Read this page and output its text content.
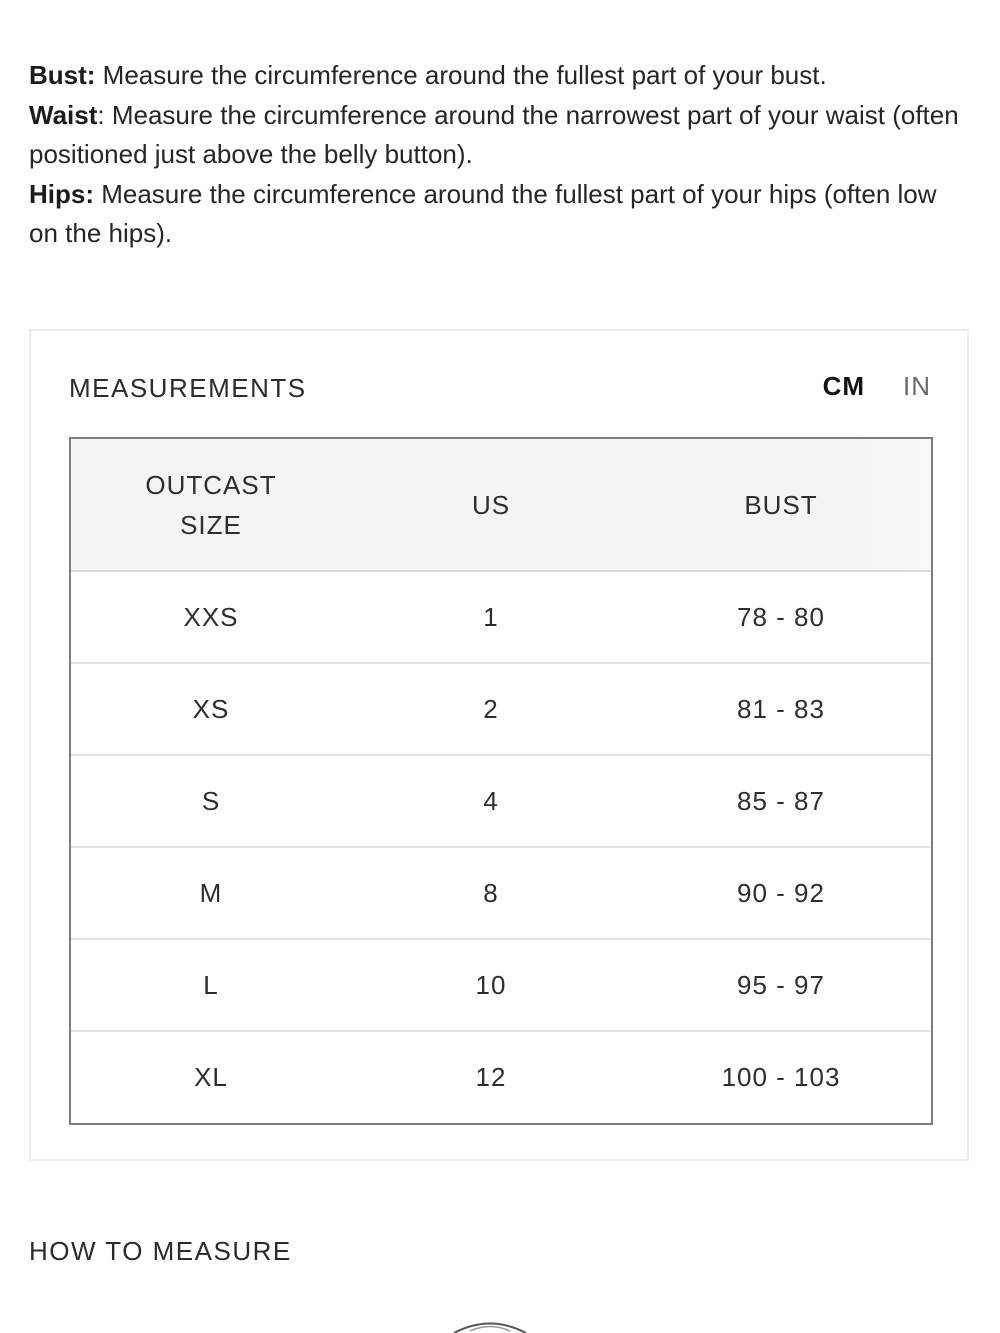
Bust: Measure the circumference around the fullest part of your bust.

Waist: Measure the circumference around the narrowest part of your waist (often positioned just above the belly button).

Hips: Measure the circumference around the fullest part of your hips (often low on the hips).

MEASUREMENTS	CM IN
OUTCAST SIZE	US	BUST
XXS	1	78 - 80
XS	2	81 - 83
S	4	85 - 87
M	8	90 - 92
L	10	95 - 97
XL	12	100 - 103
HOW TO MEASURE
